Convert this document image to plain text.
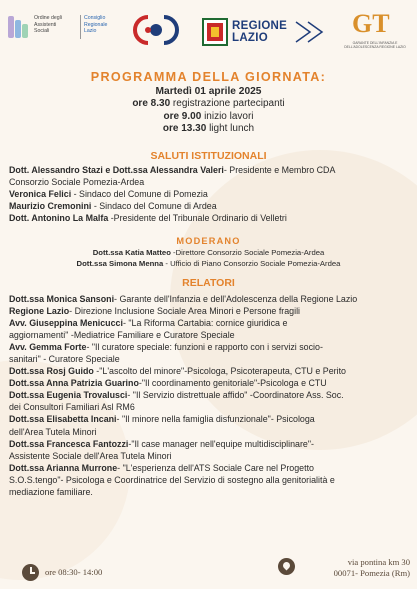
Ordine degli
Assistenti
Sociali
Consiglio
Regionale
Lazio	REGIONE
LAZIO	GT
GARANTE DELL'INFANZIA E DELL'ADOLESCENZA REGIONE LAZIO
PROGRAMMA DELLA GIORNATA:
Martedì 01 aprile 2025
ore 8.30 registrazione partecipanti
ore 9.00 inizio lavori
ore 13.30 light lunch
SALUTI ISTITUZIONALI

Dott. Alessandro Stazi e Dott.ssa Alessandra Valeri- Presidente e Membro CDA

Consorzio Sociale Pomezia-Ardea

Veronica Felici - Sindaco del Comune di Pomezia

Maurizio Cremonini - Sindaco del Comune di Ardea

Dott. Antonino La Malfa -Presidente del Tribunale Ordinario di Velletri

MODERANO

Dott.ssa Katia Matteo -Direttore Consorzio Sociale Pomezia-Ardea

Dott.ssa Simona Menna - Ufficio di Piano Consorzio Sociale Pomezia-Ardea

RELATORI

Dott.ssa Monica Sansoni- Garante dell'Infanzia e dell'Adolescenza della Regione Lazio

Regione Lazio- Direzione Inclusione Sociale Area Minori e Persone fragili

Avv. Giuseppina Menicucci- "La Riforma Cartabia: cornice giuridica e

aggiornamenti" -Mediatrice Familiare e Curatore Speciale

Avv. Gemma Forte- "Il curatore speciale: funzioni e rapporto con i servizi socio-

sanitari" - Curatore Speciale

Dott.ssa Rosj Guido -"L'ascolto del minore"-Psicologa, Psicoterapeuta, CTU e Perito

Dott.ssa Anna Patrizia Guarino-"Il coordinamento genitoriale"-Psicologa e CTU

Dott.ssa Eugenia Trovalusci- "Il Servizio distrettuale affido" -Coordinatore Ass. Soc.

dei Consultori Familiari Asl RM6

Dott.ssa Elisabetta Incani- "Il minore nella famiglia disfunzionale"- Psicologa

dell'Area Tutela Minori

Dott.ssa Francesca Fantozzi-"Il case manager nell'equipe multidisciplinare"-

Assistente Sociale dell'Area Tutela Minori

Dott.ssa Arianna Murrone- "L'esperienza dell'ATS Sociale Care nel Progetto

S.O.S.tengo"- Psicologa e Coordinatrice del Servizio di sostegno alla genitorialità e

mediazione familiare.

ore 08:30- 14:00
via pontina km 30
00071- Pomezia (Rm)
